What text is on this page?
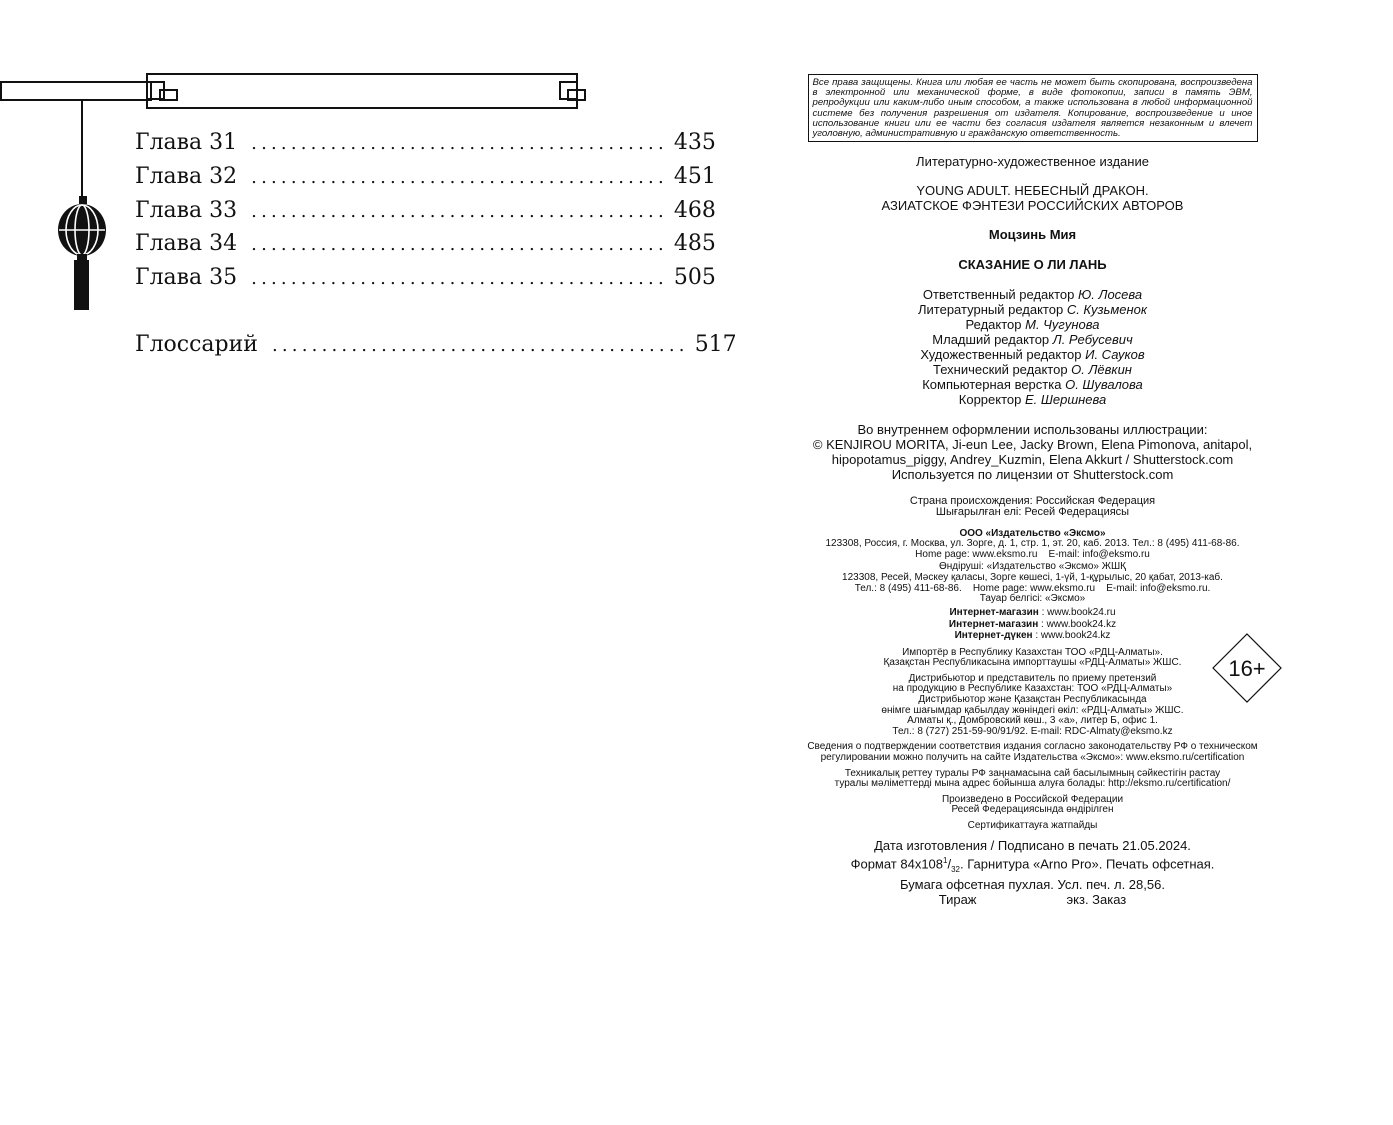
Глава 31 .......................................... 435
Глава 32 .......................................... 451
Глава 33 .......................................... 468
Глава 34 .......................................... 485
Глава 35 .......................................... 505
Глоссарий .......................................... 517
Все права защищены. Книга или любая ее часть не может быть скопирована, воспроизведена в электронной или механической форме, в виде фотокопии, записи в память ЭВМ, репродукции или каким-либо иным способом, а также использована в любой информационной системе без получения разрешения от издателя. Копирование, воспроизведение и иное использование книги или ее части без согласия издателя является незаконным и влечет уголовную, административную и гражданскую ответственность.
Литературно-художественное издание
YOUNG ADULT. НЕБЕСНЫЙ ДРАКОН.
АЗИАТСКОЕ ФЭНТЕЗИ РОССИЙСКИХ АВТОРОВ
Моцзинь Мия
СКАЗАНИЕ О ЛИ ЛАНЬ
Ответственный редактор Ю. Лосева
Литературный редактор С. Кузьменок
Редактор М. Чугунова
Младший редактор Л. Ребусевич
Художественный редактор И. Сауков
Технический редактор О. Лёвкин
Компьютерная верстка О. Шувалова
Корректор Е. Шершнева
Во внутреннем оформлении использованы иллюстрации:
© KENJIROU MORITA, Ji-eun Lee, Jacky Brown, Elena Pimonova, anitapol,
hipopotamus_piggy, Andrey_Kuzmin, Elena Akkurt / Shutterstock.com
Используется по лицензии от Shutterstock.com
Страна происхождения: Российская Федерация
Шығарылған елі: Ресей Федерациясы
ООО «Издательство «Эксмо»
123308, Россия, г. Москва, ул. Зорге, д. 1, стр. 1, эт. 20, каб. 2013. Тел.: 8 (495) 411-68-86.
Home page: www.eksmo.ru    E-mail: info@eksmo.ru
Өндіруші: «Издательство «Эксмо» ЖШҚ
123308, Ресей, Мәскеу қаласы, Зорге көшесі, 1-үй, 1-құрылыс, 20 қабат, 2013-каб.
Тел.: 8 (495) 411-68-86.    Home page: www.eksmo.ru    E-mail: info@eksmo.ru.
Тауар белгісі: «Эксмо»
Интернет-магазин : www.book24.ru
Интернет-магазин : www.book24.kz
Интернет-дүкен : www.book24.kz
Импортёр в Республику Казахстан ТОО «РДЦ-Алматы».
Қазақстан Республикасына импорттаушы «РДЦ-Алматы» ЖШС.
Дистрибьютор и представитель по приему претензий
на продукцию в Республике Казахстан: ТОО «РДЦ-Алматы»
Дистрибьютор және Қазақстан Республикасында
өнімге шағымдар қабылдау жөніндегі өкіл: «РДЦ-Алматы» ЖШС.
Алматы қ., Домбровский көш., 3 «а», литер Б, офис 1.
Тел.: 8 (727) 251-59-90/91/92. E-mail: RDC-Almaty@eksmo.kz
Сведения о подтверждении соответствия издания согласно законодательству РФ о техническом
регулировании можно получить на сайте Издательства «Эксмо»: www.eksmo.ru/certification
Техникалық реттеу туралы РФ заңнамасына сай басылымның сәйкестігін растау
туралы мәліметтерді мына адрес бойынша алуға болады: http://eksmo.ru/certification/
Произведено в Российской Федерации
Ресей Федерациясында өндірілген
Сертификаттауға жатпайды
Дата изготовления / Подписано в печать 21.05.2024.
Формат $84x108^1/_{32}$. Гарнитура «Arno Pro». Печать офсетная.
Бумага офсетная пухлая. Усл. печ. л. 28,56.
Тираж	экз. Заказ
16+
